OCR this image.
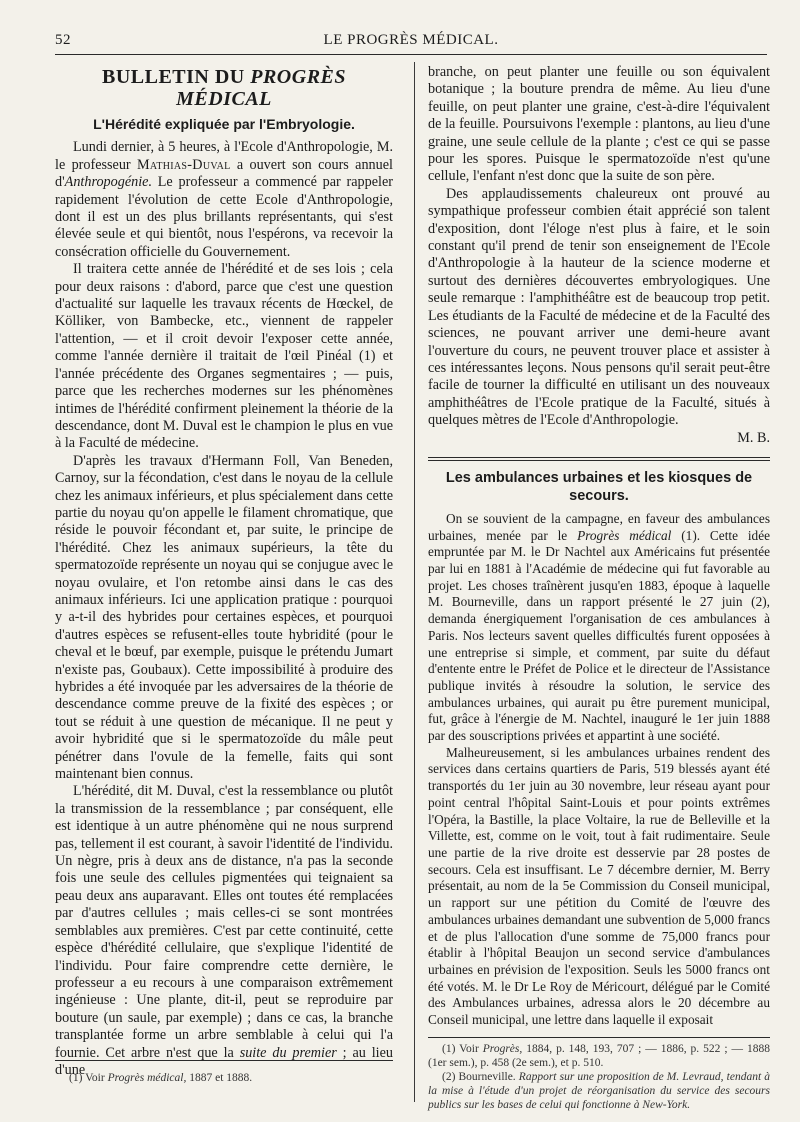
52	LE PROGRÈS MÉDICAL.
BULLETIN DU PROGRÈS MÉDICAL
L'Hérédité expliquée par l'Embryologie.

Lundi dernier, à 5 heures, à l'Ecole d'Anthropologie, M. le professeur Mathias-Duval a ouvert son cours annuel d'Anthropogénie. Le professeur a commencé par rappeler rapidement l'évolution de cette Ecole d'Anthropologie, dont il est un des plus brillants représentants, qui s'est élevée seule et qui bientôt, nous l'espérons, va recevoir la consécration officielle du Gouvernement.

Il traitera cette année de l'hérédité et de ses lois ; cela pour deux raisons : d'abord, parce que c'est une question d'actualité sur laquelle les travaux récents de Hœckel, de Kölliker, von Bambecke, etc., viennent de rappeler l'attention, — et il croit devoir l'exposer cette année, comme l'année dernière il traitait de l'œil Pinéal (1) et l'année précédente des Organes segmentaires ; — puis, parce que les recherches modernes sur les phénomènes intimes de l'hérédité confirment pleinement la théorie de la descendance, dont M. Duval est le champion le plus en vue à la Faculté de médecine.

D'après les travaux d'Hermann Foll, Van Beneden, Carnoy, sur la fécondation, c'est dans le noyau de la cellule chez les animaux inférieurs, et plus spécialement dans cette partie du noyau qu'on appelle le filament chromatique, que réside le pouvoir fécondant et, par suite, le principe de l'hérédité. Chez les animaux supérieurs, la tête du spermatozoïde représente un noyau qui se conjugue avec le noyau ovulaire, et l'on retombe ainsi dans le cas des animaux inférieurs. Ici une application pratique : pourquoi y a-t-il des hybrides pour certaines espèces, et pourquoi d'autres espèces se refusent-elles toute hybridité (pour le cheval et le bœuf, par exemple, puisque le prétendu Jumart n'existe pas, Goubaux). Cette impossibilité à produire des hybrides a été invoquée par les adversaires de la théorie de descendance comme preuve de la fixité des espèces ; or tout se réduit à une question de mécanique. Il ne peut y avoir hybridité que si le spermatozoïde du mâle peut pénétrer dans l'ovule de la femelle, faits qui sont maintenant bien connus.

L'hérédité, dit M. Duval, c'est la ressemblance ou plutôt la transmission de la ressemblance ; par conséquent, elle est identique à un autre phénomène qui ne nous surprend pas, tellement il est courant, à savoir l'identité de l'individu. Un nègre, pris à deux ans de distance, n'a pas la seconde fois une seule des cellules pigmentées qui teignaient sa peau deux ans auparavant. Elles ont toutes été remplacées par d'autres cellules ; mais celles-ci se sont montrées semblables aux premières. C'est par cette continuité, cette espèce d'hérédité cellulaire, que s'explique l'identité de l'individu. Pour faire comprendre cette dernière, le professeur a eu recours à une comparaison extrêmement ingénieuse : Une plante, dit-il, peut se reproduire par bouture (un saule, par exemple) ; dans ce cas, la branche transplantée forme un arbre semblable à celui qui l'a fournie. Cet arbre n'est que la suite du premier ; au lieu d'une

(1) Voir Progrès médical, 1887 et 1888.

branche, on peut planter une feuille ou son équivalent botanique ; la bouture prendra de même. Au lieu d'une feuille, on peut planter une graine, c'est-à-dire l'équivalent de la feuille. Poursuivons l'exemple : plantons, au lieu d'une graine, une seule cellule de la plante ; c'est ce qui se passe pour les spores. Puisque le spermatozoïde n'est qu'une cellule, l'enfant n'est donc que la suite de son père.

Des applaudissements chaleureux ont prouvé au sympathique professeur combien était apprécié son talent d'exposition, dont l'éloge n'est plus à faire, et le soin constant qu'il prend de tenir son enseignement de l'Ecole d'Anthropologie à la hauteur de la science moderne et surtout des dernières découvertes embryologiques. Une seule remarque : l'amphithéâtre est de beaucoup trop petit. Les étudiants de la Faculté de médecine et de la Faculté des sciences, ne pouvant arriver une demi-heure avant l'ouverture du cours, ne peuvent trouver place et assister à ces intéressantes leçons. Nous pensons qu'il serait peut-être facile de tourner la difficulté en utilisant un des nouveaux amphithéâtres de l'Ecole pratique de la Faculté, situés à quelques mètres de l'Ecole d'Anthropologie.

M. B.
Les ambulances urbaines et les kiosques de secours.

On se souvient de la campagne, en faveur des ambulances urbaines, menée par le Progrès médical (1). Cette idée empruntée par M. le Dr Nachtel aux Américains fut présentée par lui en 1881 à l'Académie de médecine qui fut favorable au projet. Les choses traînèrent jusqu'en 1883, époque à laquelle M. Bourneville, dans un rapport présenté le 27 juin (2), demanda énergiquement l'organisation de ces ambulances à Paris. Nos lecteurs savent quelles difficultés furent opposées à une entreprise si simple, et comment, par suite du défaut d'entente entre le Préfet de Police et le directeur de l'Assistance publique invités à résoudre la solution, le service des ambulances urbaines, qui aurait pu être purement municipal, fut, grâce à l'énergie de M. Nachtel, inauguré le 1er juin 1888 par des souscriptions privées et appartint à une société.

Malheureusement, si les ambulances urbaines rendent des services dans certains quartiers de Paris, 519 blessés ayant été transportés du 1er juin au 30 novembre, leur réseau ayant pour point central l'hôpital Saint-Louis et pour points extrêmes l'Opéra, la Bastille, la place Voltaire, la rue de Belleville et la Villette, est, comme on le voit, tout à fait rudimentaire. Seule une partie de la rive droite est desservie par 28 postes de secours. Cela est insuffisant. Le 7 décembre dernier, M. Berry présentait, au nom de la 5e Commission du Conseil municipal, un rapport sur une pétition du Comité de l'œuvre des ambulances urbaines demandant une subvention de 5,000 francs et de plus l'allocation d'une somme de 75,000 francs pour établir à l'hôpital Beaujon un second service d'ambulances urbaines en prévision de l'exposition. Seuls les 5000 francs ont été votés. M. le Dr Le Roy de Méricourt, délégué par le Comité des Ambulances urbaines, adressa alors le 20 décembre au Conseil municipal, une lettre dans laquelle il exposait

(1) Voir Progrès, 1884, p. 148, 193, 707 ; — 1886, p. 522 ; — 1888 (1er sem.), p. 458 (2e sem.), et p. 510.

(2) Bourneville. Rapport sur une proposition de M. Levraud, tendant à la mise à l'étude d'un projet de réorganisation du service des secours publics sur les bases de celui qui fonctionne à New-York.
